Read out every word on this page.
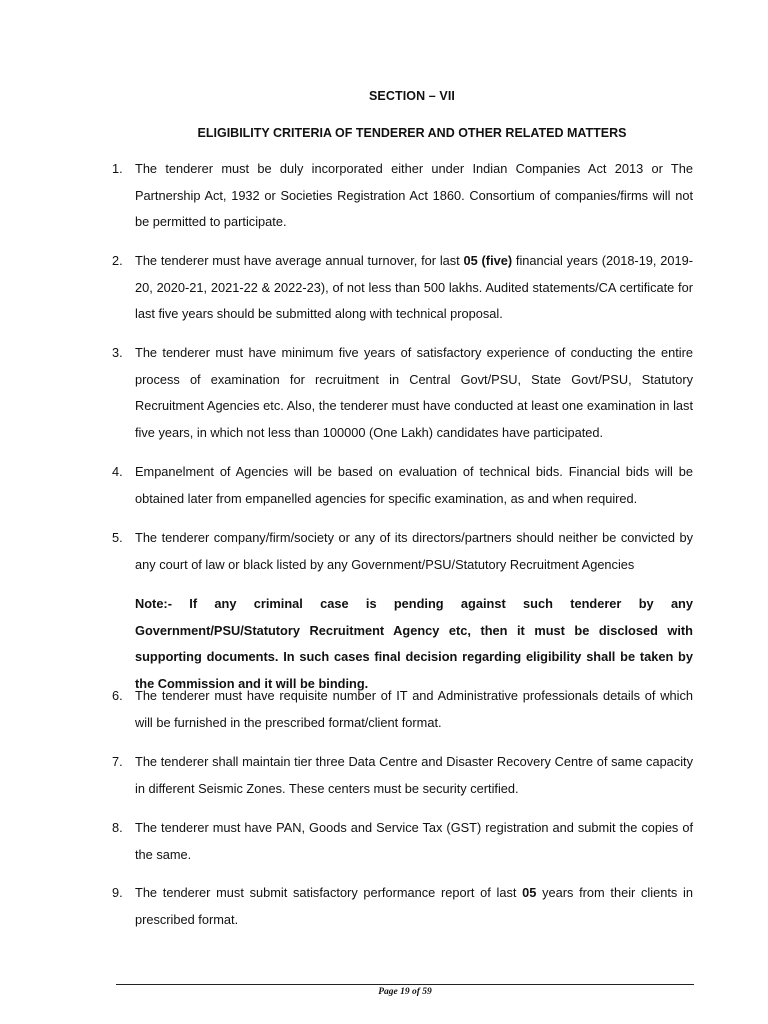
SECTION – VII
ELIGIBILITY CRITERIA OF TENDERER AND OTHER RELATED MATTERS
1. The tenderer must be duly incorporated either under Indian Companies Act 2013 or The Partnership Act, 1932 or Societies Registration Act 1860. Consortium of companies/firms will not be permitted to participate.
2. The tenderer must have average annual turnover, for last 05 (five) financial years (2018-19, 2019-20, 2020-21, 2021-22 & 2022-23), of not less than 500 lakhs. Audited statements/CA certificate for last five years should be submitted along with technical proposal.
3. The tenderer must have minimum five years of satisfactory experience of conducting the entire process of examination for recruitment in Central Govt/PSU, State Govt/PSU, Statutory Recruitment Agencies etc. Also, the tenderer must have conducted at least one examination in last five years, in which not less than 100000 (One Lakh) candidates have participated.
4. Empanelment of Agencies will be based on evaluation of technical bids. Financial bids will be obtained later from empanelled agencies for specific examination, as and when required.
5. The tenderer company/firm/society or any of its directors/partners should neither be convicted by any court of law or black listed by any Government/PSU/Statutory Recruitment Agencies
Note:- If any criminal case is pending against such tenderer by any Government/PSU/Statutory Recruitment Agency etc, then it must be disclosed with supporting documents. In such cases final decision regarding eligibility shall be taken by the Commission and it will be binding.
6. The tenderer must have requisite number of IT and Administrative professionals details of which will be furnished in the prescribed format/client format.
7. The tenderer shall maintain tier three Data Centre and Disaster Recovery Centre of same capacity in different Seismic Zones. These centers must be security certified.
8. The tenderer must have PAN, Goods and Service Tax (GST) registration and submit the copies of the same.
9. The tenderer must submit satisfactory performance report of last 05 years from their clients in prescribed format.
Page 19 of 59
